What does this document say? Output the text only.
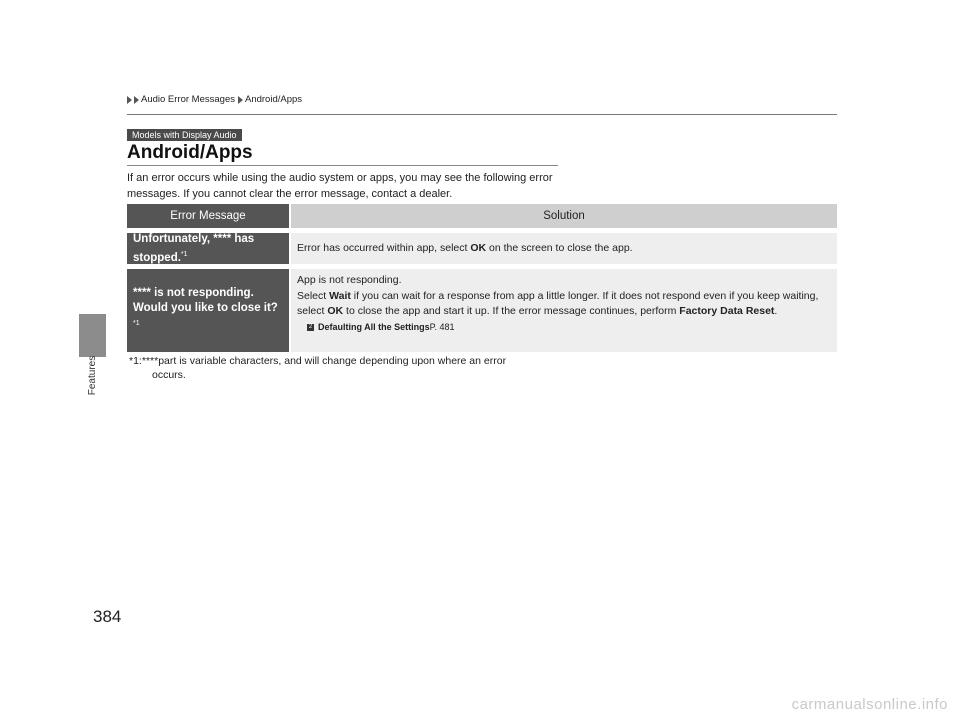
Features
Audio Error Messages Android/Apps
Models with Display Audio
Android/Apps

If an error occurs while using the audio system or apps, you may see the following error messages. If you cannot clear the error message, contact a dealer.

Error Message	Solution
Unfortunately, **** has stopped.$^{*1}$
Error has occurred within app, select OK on the screen to close the app.
**** is not responding. Would you like to close it?$^{*1}$
App is not responding.
Select Wait if you can wait for a response from app a little longer. If it does not respond even if you keep waiting, select OK to close the app and start it up. If the error message continues, perform Factory Data Reset.
2 Defaulting All the Settings P. 481
*1:****part is variable characters, and will change depending upon where an error
occurs.
384
carmanualsonline.info
